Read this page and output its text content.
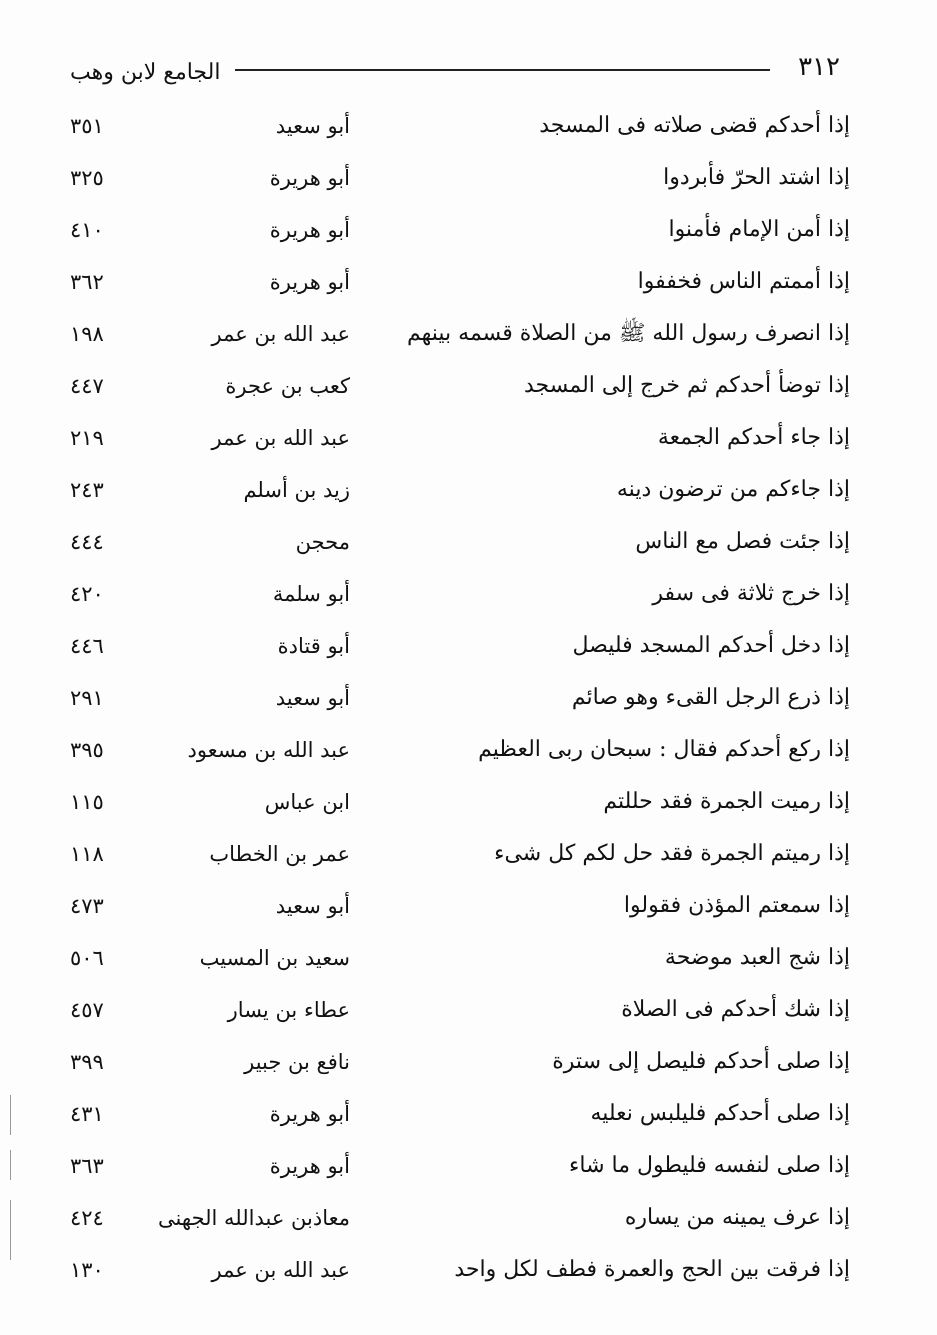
٣١٢
الجامع لابن وهب
إذا أحدكم قضى صلاته فى المسجد
أبو سعيد
٣٥١
إذا اشتد الحرّ فأبردوا
أبو هريرة
٣٢٥
إذا أمن الإمام فأمنوا
أبو هريرة
٤١٠
إذا أممتم الناس فخففوا
أبو هريرة
٣٦٢
إذا انصرف رسول الله ﷺ من الصلاة قسمه بينهم
عبد الله بن عمر
١٩٨
إذا توضأ أحدكم ثم خرج إلى المسجد
كعب بن عجرة
٤٤٧
إذا جاء أحدكم الجمعة
عبد الله بن عمر
٢١٩
إذا جاءكم من ترضون دينه
زيد بن أسلم
٢٤٣
إذا جئت فصل مع الناس
محجن
٤٤٤
إذا خرج ثلاثة فى سفر
أبو سلمة
٤٢٠
إذا دخل أحدكم المسجد فليصل
أبو قتادة
٤٤٦
إذا ذرع الرجل القىء وهو صائم
أبو سعيد
٢٩١
إذا ركع أحدكم فقال : سبحان ربى العظيم
عبد الله بن مسعود
٣٩٥
إذا رميت الجمرة فقد حللتم
ابن عباس
١١٥
إذا رميتم الجمرة فقد حل لكم كل شىء
عمر بن الخطاب
١١٨
إذا سمعتم المؤذن فقولوا
أبو سعيد
٤٧٣
إذا شج العبد موضحة
سعيد بن المسيب
٥٠٦
إذا شك أحدكم فى الصلاة
عطاء بن يسار
٤٥٧
إذا صلى أحدكم فليصل إلى سترة
نافع بن جبير
٣٩٩
إذا صلى أحدكم فليلبس نعليه
أبو هريرة
٤٣١
إذا صلى لنفسه فليطول ما شاء
أبو هريرة
٣٦٣
إذا عرف يمينه من يساره
معاذبن عبدالله الجهنى
٤٢٤
إذا فرقت بين الحج والعمرة فطف لكل واحد
عبد الله بن عمر
١٣٠
